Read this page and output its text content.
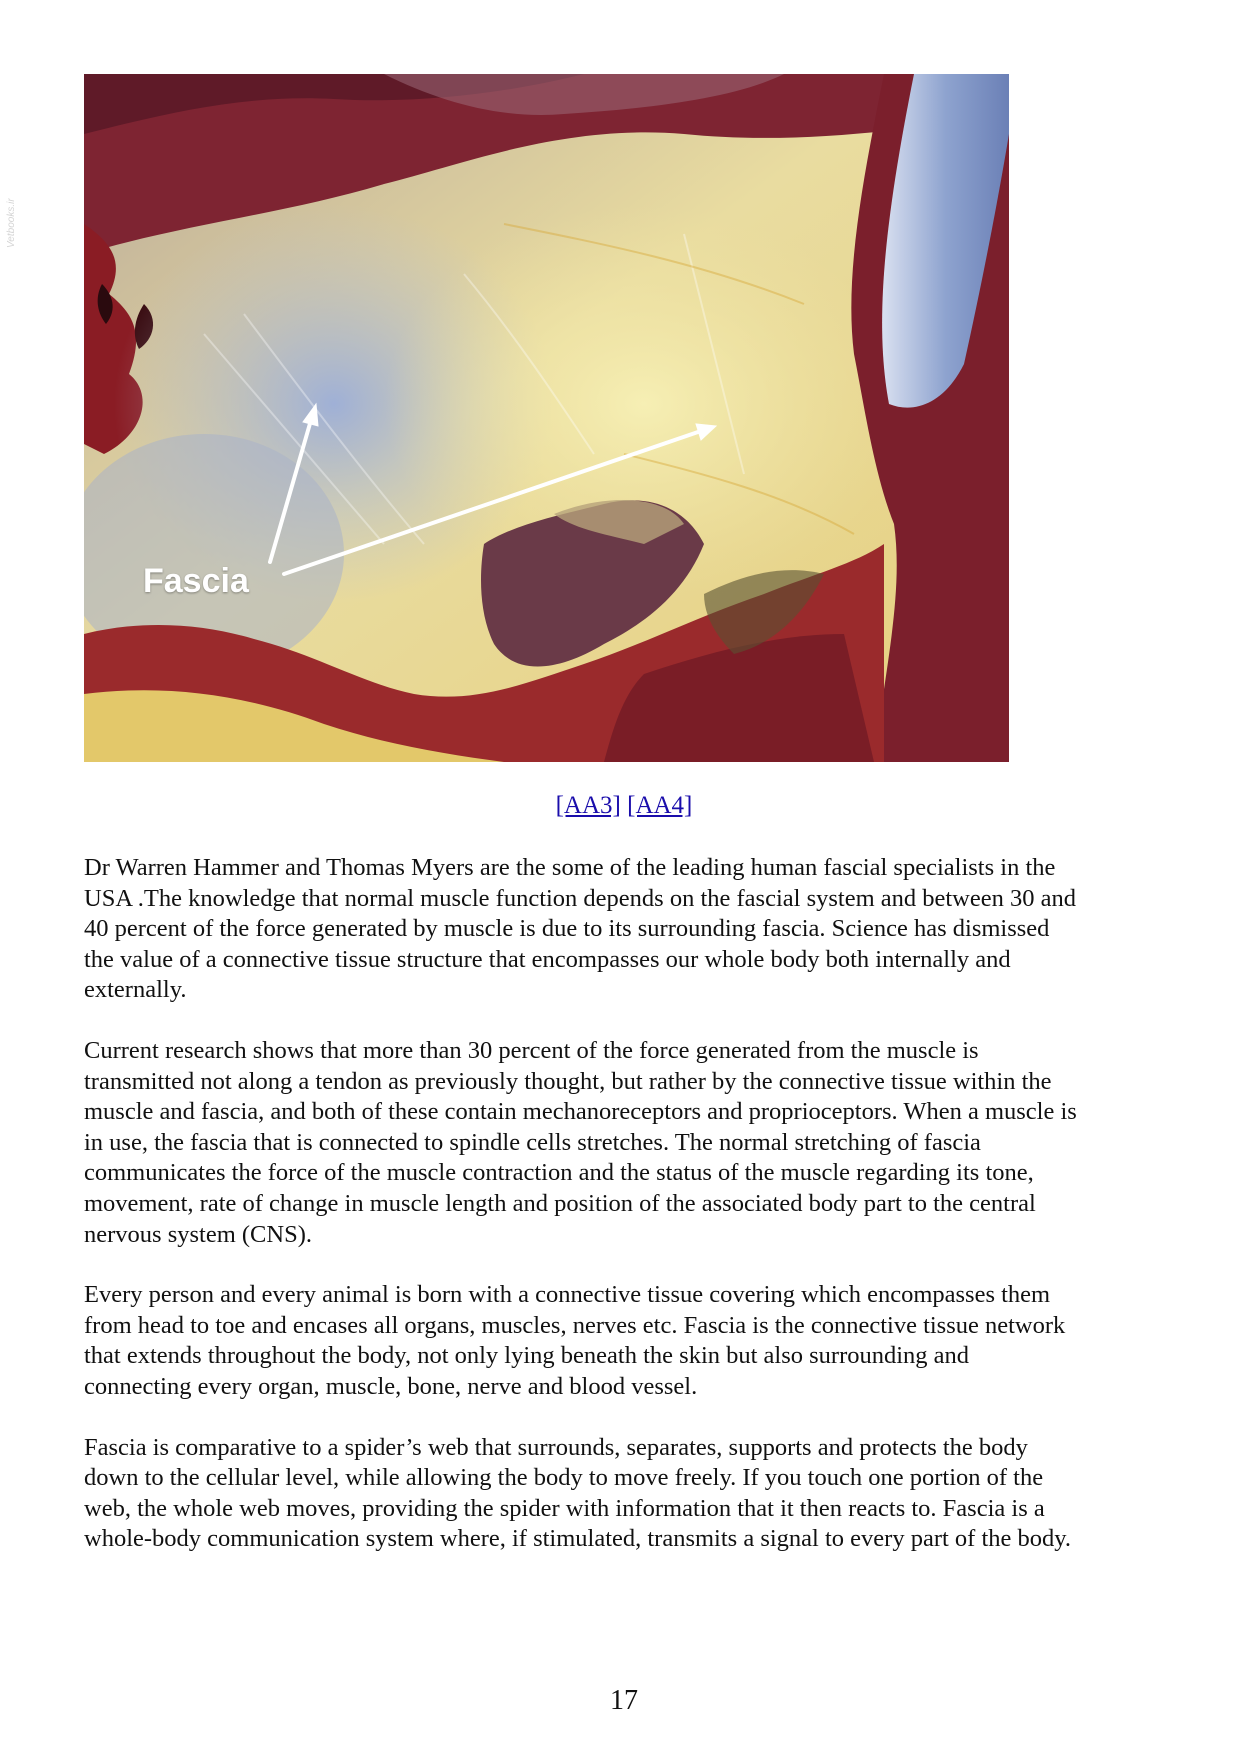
Vetbooks.ir
Fascia
[AA3] [AA4]

Dr Warren Hammer and Thomas Myers are the some of the leading human fascial specialists in the
USA .The knowledge that normal muscle function depends on the fascial system and between 30 and
40 percent of the force generated by muscle is due to its surrounding fascia. Science has dismissed
the value of a connective tissue structure that encompasses our whole body both internally and
externally.

Current research shows that more than 30 percent of the force generated from the muscle is
transmitted not along a tendon as previously thought, but rather by the connective tissue within the
muscle and fascia, and both of these contain mechanoreceptors and proprioceptors. When a muscle is
in use, the fascia that is connected to spindle cells stretches. The normal stretching of fascia
communicates the force of the muscle contraction and the status of the muscle regarding its tone,
movement, rate of change in muscle length and position of the associated body part to the central
nervous system (CNS).

Every person and every animal is born with a connective tissue covering which encompasses them
from head to toe and encases all organs, muscles, nerves etc. Fascia is the connective tissue network
that extends throughout the body, not only lying beneath the skin but also surrounding and
connecting every organ, muscle, bone, nerve and blood vessel.

Fascia is comparative to a spider’s web that surrounds, separates, supports and protects the body
down to the cellular level, while allowing the body to move freely. If you touch one portion of the
web, the whole web moves, providing the spider with information that it then reacts to. Fascia is a
whole-body communication system where, if stimulated, transmits a signal to every part of the body.

17
